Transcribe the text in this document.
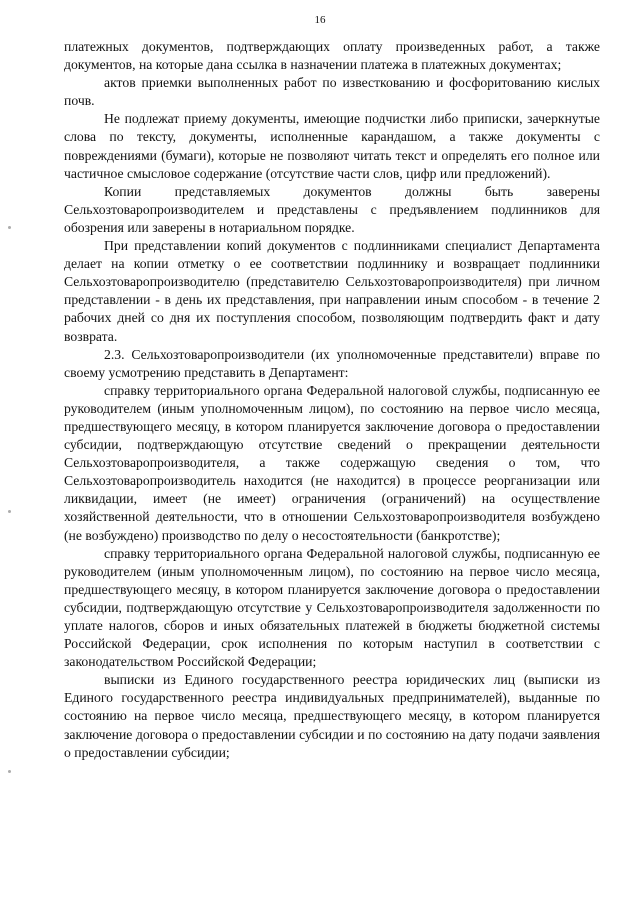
16

платежных документов, подтверждающих оплату произведенных работ, а также документов, на которые дана ссылка в назначении платежа в платежных документах;

актов приемки выполненных работ по известкованию и фосфоритованию кислых почв.

Не подлежат приему документы, имеющие подчистки либо приписки, зачеркнутые слова по тексту, документы, исполненные карандашом, а также документы с повреждениями (бумаги), которые не позволяют читать текст и определять его полное или частичное смысловое содержание (отсутствие части слов, цифр или предложений).

Копии представляемых документов должны быть заверены Сельхозтоваропроизводителем и представлены с предъявлением подлинников для обозрения или заверены в нотариальном порядке.

При представлении копий документов с подлинниками специалист Департамента делает на копии отметку о ее соответствии подлиннику и возвращает подлинники Сельхозтоваропроизводителю (представителю Сельхозтоваропроизводителя) при личном представлении - в день их представления, при направлении иным способом - в течение 2 рабочих дней со дня их поступления способом, позволяющим подтвердить факт и дату возврата.

2.3. Сельхозтоваропроизводители (их уполномоченные представители) вправе по своему усмотрению представить в Департамент:

справку территориального органа Федеральной налоговой службы, подписанную ее руководителем (иным уполномоченным лицом), по состоянию на первое число месяца, предшествующего месяцу, в котором планируется заключение договора о предоставлении субсидии, подтверждающую отсутствие сведений о прекращении деятельности Сельхозтоваропроизводителя, а также содержащую сведения о том, что Сельхозтоваропроизводитель находится (не находится) в процессе реорганизации или ликвидации, имеет (не имеет) ограничения (ограничений) на осуществление хозяйственной деятельности, что в отношении Сельхозтоваропроизводителя возбуждено (не возбуждено) производство по делу о несостоятельности (банкротстве);

справку территориального органа Федеральной налоговой службы, подписанную ее руководителем (иным уполномоченным лицом), по состоянию на первое число месяца, предшествующего месяцу, в котором планируется заключение договора о предоставлении субсидии, подтверждающую отсутствие у Сельхозтоваропроизводителя задолженности по уплате налогов, сборов и иных обязательных платежей в бюджеты бюджетной системы Российской Федерации, срок исполнения по которым наступил в соответствии с законодательством Российской Федерации;

выписки из Единого государственного реестра юридических лиц (выписки из Единого государственного реестра индивидуальных предпринимателей), выданные по состоянию на первое число месяца, предшествующего месяцу, в котором планируется заключение договора о предоставлении субсидии и по состоянию на дату подачи заявления о предоставлении субсидии;
